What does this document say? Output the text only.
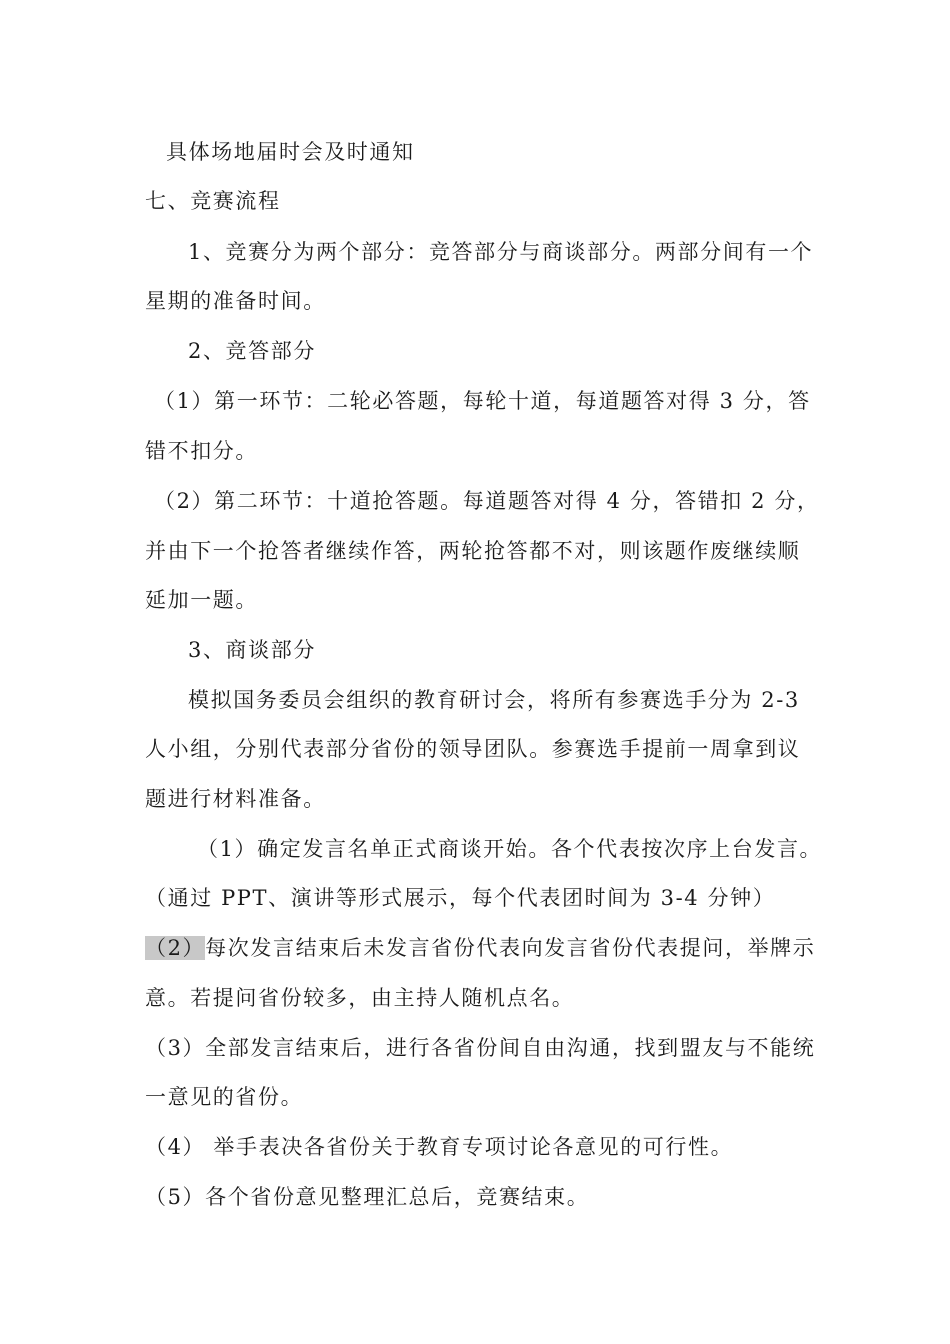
具体场地届时会及时通知
七、竞赛流程
1、竞赛分为两个部分：竞答部分与商谈部分。两部分间有一个
星期的准备时间。
2、竞答部分
（1）第一环节：二轮必答题，每轮十道，每道题答对得 3 分，答
错不扣分。
（2）第二环节：十道抢答题。每道题答对得 4 分，答错扣 2 分，
并由下一个抢答者继续作答，两轮抢答都不对，则该题作废继续顺
延加一题。
3、商谈部分
模拟国务委员会组织的教育研讨会，将所有参赛选手分为 2-3
人小组，分别代表部分省份的领导团队。参赛选手提前一周拿到议
题进行材料准备。
（1）确定发言名单正式商谈开始。各个代表按次序上台发言。
（通过 PPT、演讲等形式展示，每个代表团时间为 3-4 分钟）
（2）每次发言结束后未发言省份代表向发言省份代表提问，举牌示
意。若提问省份较多，由主持人随机点名。
（3）全部发言结束后，进行各省份间自由沟通，找到盟友与不能统
一意见的省份。
（4） 举手表决各省份关于教育专项讨论各意见的可行性。
（5）各个省份意见整理汇总后，竞赛结束。
